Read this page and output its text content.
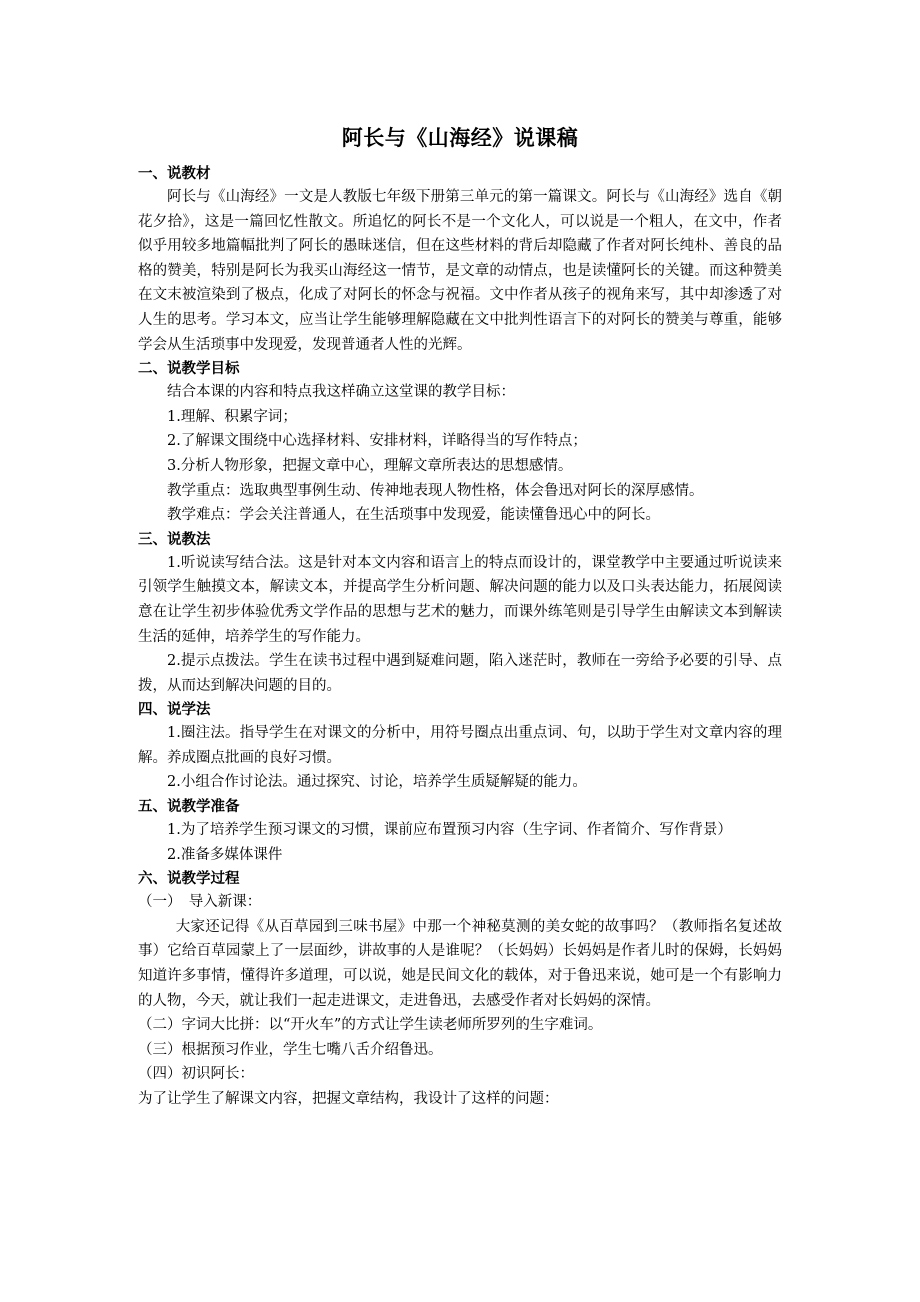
阿长与《山海经》说课稿
一、说教材

阿长与《山海经》一文是人教版七年级下册第三单元的第一篇课文。阿长与《山海经》选自《朝花夕拾》，这是一篇回忆性散文。所追忆的阿长不是一个文化人，可以说是一个粗人，在文中，作者似乎用较多地篇幅批判了阿长的愚昧迷信，但在这些材料的背后却隐藏了作者对阿长纯朴、善良的品格的赞美，特别是阿长为我买山海经这一情节，是文章的动情点，也是读懂阿长的关键。而这种赞美在文末被渲染到了极点，化成了对阿长的怀念与祝福。文中作者从孩子的视角来写，其中却渗透了对人生的思考。学习本文，应当让学生能够理解隐藏在文中批判性语言下的对阿长的赞美与尊重，能够学会从生活琐事中发现爱，发现普通者人性的光辉。

二、说教学目标

结合本课的内容和特点我这样确立这堂课的教学目标：

1.理解、积累字词；

2.了解课文围绕中心选择材料、安排材料，详略得当的写作特点；

3.分析人物形象，把握文章中心，理解文章所表达的思想感情。

教学重点：选取典型事例生动、传神地表现人物性格，体会鲁迅对阿长的深厚感情。

教学难点：学会关注普通人，在生活琐事中发现爱，能读懂鲁迅心中的阿长。

三、说教法

1.听说读写结合法。这是针对本文内容和语言上的特点而设计的，课堂教学中主要通过听说读来引领学生触摸文本，解读文本，并提高学生分析问题、解决问题的能力以及口头表达能力，拓展阅读意在让学生初步体验优秀文学作品的思想与艺术的魅力，而课外练笔则是引导学生由解读文本到解读生活的延伸，培养学生的写作能力。

2.提示点拨法。学生在读书过程中遇到疑难问题，陷入迷茫时，教师在一旁给予必要的引导、点拨，从而达到解决问题的目的。

四、说学法

1.圈注法。指导学生在对课文的分析中，用符号圈点出重点词、句，以助于学生对文章内容的理解。养成圈点批画的良好习惯。

2.小组合作讨论法。通过探究、讨论，培养学生质疑解疑的能力。

五、说教学准备

1.为了培养学生预习课文的习惯，课前应布置预习内容（生字词、作者简介、写作背景）

2.准备多媒体课件

六、说教学过程

（一）　导入新课：

大家还记得《从百草园到三味书屋》中那一个神秘莫测的美女蛇的故事吗？（教师指名复述故事）它给百草园蒙上了一层面纱，讲故事的人是谁呢？（长妈妈）长妈妈是作者儿时的保姆，长妈妈知道许多事情，懂得许多道理，可以说，她是民间文化的载体，对于鲁迅来说，她可是一个有影响力的人物，今天，就让我们一起走进课文，走进鲁迅，去感受作者对长妈妈的深情。

（二）字词大比拼：以“开火车”的方式让学生读老师所罗列的生字难词。

（三）根据预习作业，学生七嘴八舌介绍鲁迅。

（四）初识阿长：

为了让学生了解课文内容，把握文章结构，我设计了这样的问题：
